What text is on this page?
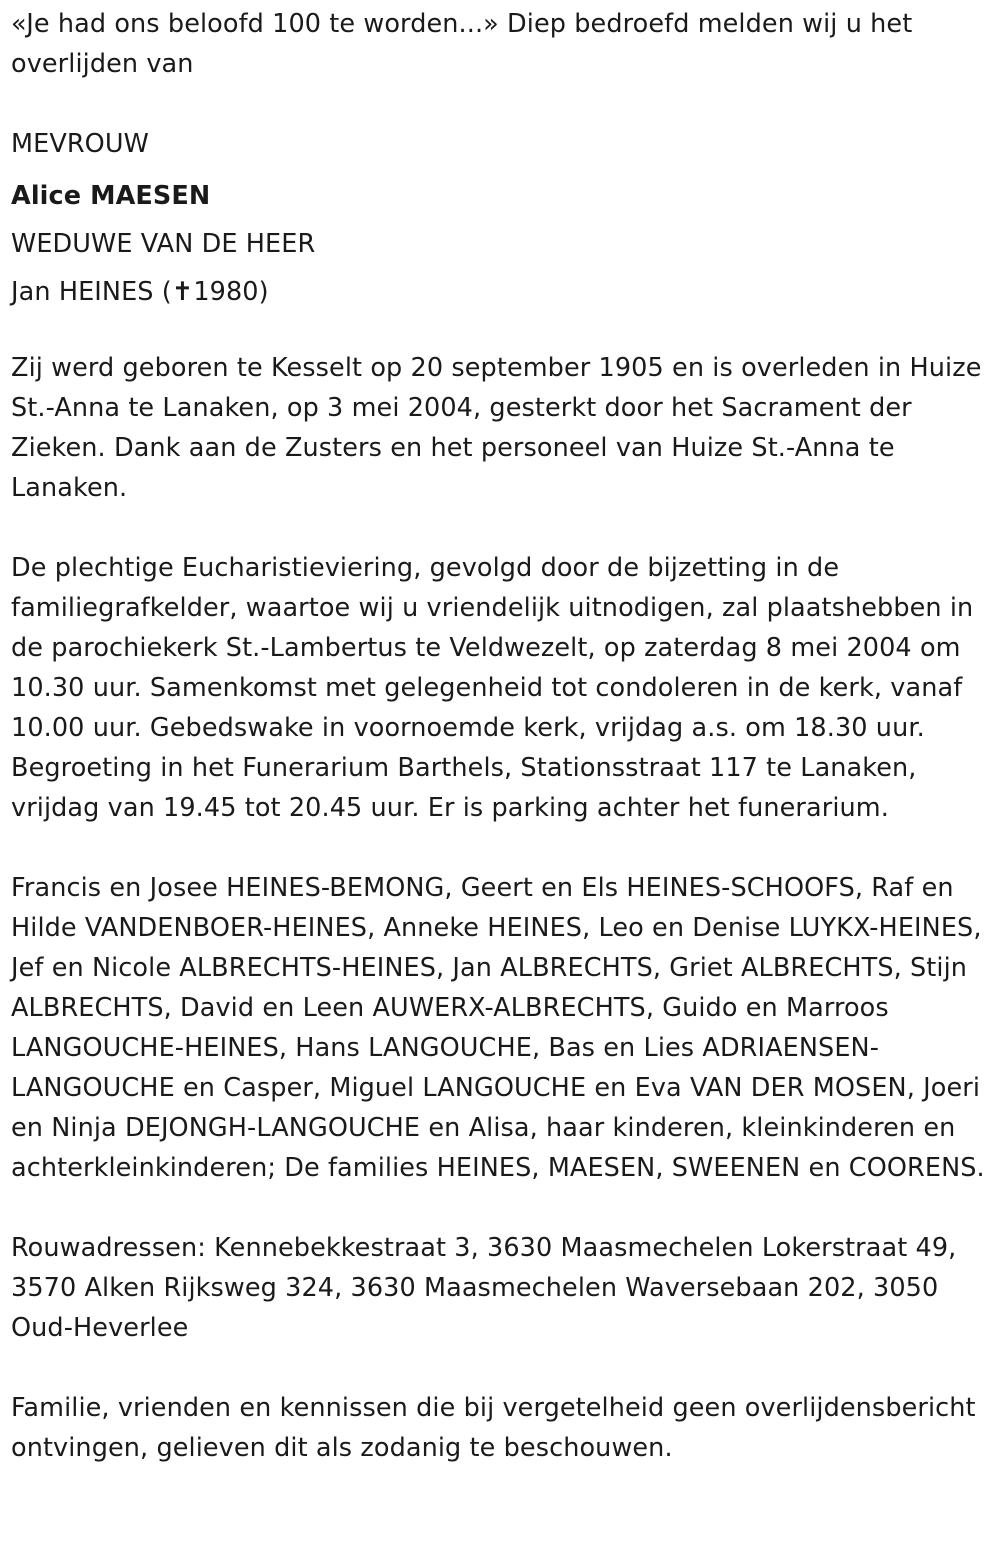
«Je had ons beloofd 100 te worden...» Diep bedroefd melden wij u het overlijden van

MEVROUW

Alice MAESEN

WEDUWE VAN DE HEER

Jan HEINES (✝1980)

Zij werd geboren te Kesselt op 20 september 1905 en is overleden in Huize St.-Anna te Lanaken, op 3 mei 2004, gesterkt door het Sacrament der Zieken. Dank aan de Zusters en het personeel van Huize St.-Anna te Lanaken.

De plechtige Eucharistieviering, gevolgd door de bijzetting in de familiegrafkelder, waartoe wij u vriendelijk uitnodigen, zal plaatshebben in de parochiekerk St.-Lambertus te Veldwezelt, op zaterdag 8 mei 2004 om 10.30 uur. Samenkomst met gelegenheid tot condoleren in de kerk, vanaf 10.00 uur. Gebedswake in voornoemde kerk, vrijdag a.s. om 18.30 uur. Begroeting in het Funerarium Barthels, Stationsstraat 117 te Lanaken, vrijdag van 19.45 tot 20.45 uur. Er is parking achter het funerarium.

Francis en Josee HEINES-BEMONG, Geert en Els HEINES-SCHOOFS, Raf en Hilde VANDENBOER-HEINES, Anneke HEINES, Leo en Denise LUYKX-HEINES, Jef en Nicole ALBRECHTS-HEINES, Jan ALBRECHTS, Griet ALBRECHTS, Stijn ALBRECHTS, David en Leen AUWERX-ALBRECHTS, Guido en Marroos LANGOUCHE-HEINES, Hans LANGOUCHE, Bas en Lies ADRIAENSEN-LANGOUCHE en Casper, Miguel LANGOUCHE en Eva VAN DER MOSEN, Joeri en Ninja DEJONGH-LANGOUCHE en Alisa, haar kinderen, kleinkinderen en achterkleinkinderen; De families HEINES, MAESEN, SWEENEN en COORENS.

Rouwadressen: Kennebekkestraat 3, 3630 Maasmechelen Lokerstraat 49, 3570 Alken Rijksweg 324, 3630 Maasmechelen Waversebaan 202, 3050 Oud-Heverlee

Familie, vrienden en kennissen die bij vergetelheid geen overlijdensbericht ontvingen, gelieven dit als zodanig te beschouwen.
